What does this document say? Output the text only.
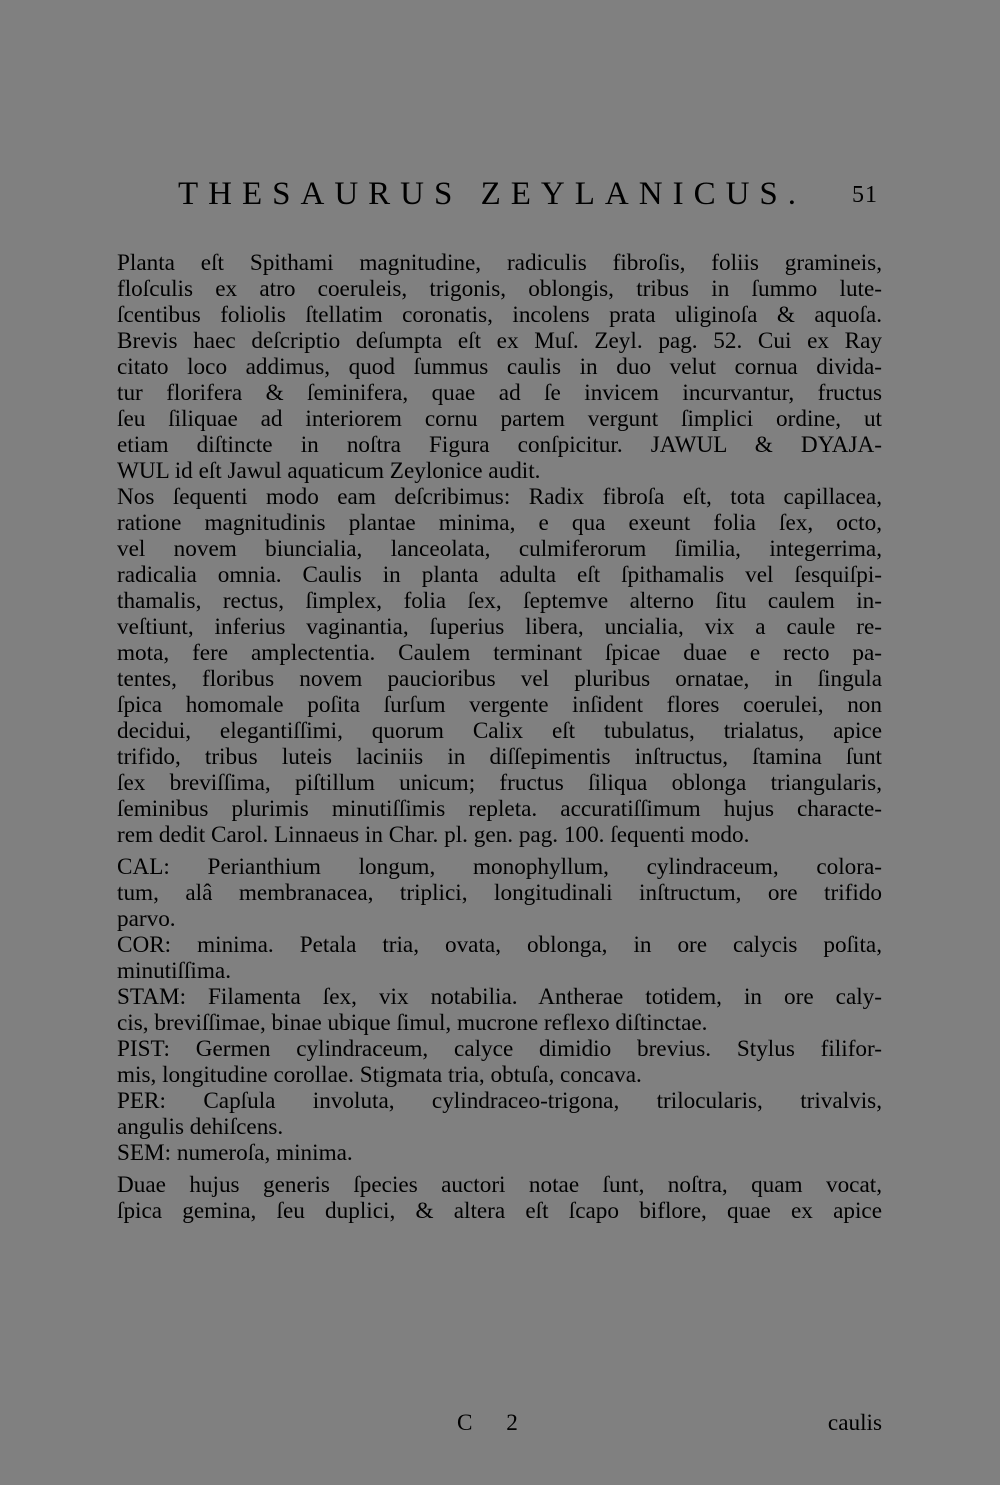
THESAURUS ZEYLANICUS. 51
Planta eſt Spithami magnitudine, radiculis fibroſis, foliis gramineis,
floſculis ex atro coeruleis, trigonis, oblongis, tribus in ſummo lute-
ſcentibus foliolis ſtellatim coronatis, incolens prata uliginoſa & aquoſa.
Brevis haec deſcriptio deſumpta eſt ex Muſ. Zeyl. pag. 52. Cui ex Ray
citato loco addimus, quod ſummus caulis in duo velut cornua divida-
tur florifera & ſeminifera, quae ad ſe invicem incurvantur, fructus
ſeu ſiliquae ad interiorem cornu partem vergunt ſimplici ordine, ut
etiam diſtincte in noſtra Figura conſpicitur. JAWUL & DYAJA-
WUL id eſt Jawul aquaticum Zeylonice audit.
Nos ſequenti modo eam deſcribimus: Radix fibroſa eſt, tota capillacea,
ratione magnitudinis plantae minima, e qua exeunt folia ſex, octo,
vel novem biuncialia, lanceolata, culmiferorum ſimilia, integerrima,
radicalia omnia. Caulis in planta adulta eſt ſpithamalis vel ſesquiſpi-
thamalis, rectus, ſimplex, folia ſex, ſeptemve alterno ſitu caulem in-
veſtiunt, inferius vaginantia, ſuperius libera, uncialia, vix a caule re-
mota, fere amplectentia. Caulem terminant ſpicae duae e recto pa-
tentes, floribus novem paucioribus vel pluribus ornatae, in ſingula
ſpica homomale poſita ſurſum vergente inſident flores coerulei, non
decidui, elegantiſſimi, quorum Calix eſt tubulatus, trialatus, apice
trifido, tribus luteis laciniis in diſſepimentis inſtructus, ſtamina ſunt
ſex breviſſima, piſtillum unicum; fructus ſiliqua oblonga triangularis,
ſeminibus plurimis minutiſſimis repleta. accuratiſſimum hujus characte-
rem dedit Carol. Linnaeus in Char. pl. gen. pag. 100. ſequenti modo.
CAL: Perianthium longum, monophyllum, cylindraceum, colora-
tum, alâ membranacea, triplici, longitudinali inſtructum, ore trifido
parvo.
COR: minima. Petala tria, ovata, oblonga, in ore calycis poſita,
minutiſſima.
STAM: Filamenta ſex, vix notabilia. Antherae totidem, in ore caly-
cis, breviſſimae, binae ubique ſimul, mucrone reflexo diſtinctae.
PIST: Germen cylindraceum, calyce dimidio brevius. Stylus filifor-
mis, longitudine corollae. Stigmata tria, obtuſa, concava.
PER: Capſula involuta, cylindraceo-trigona, trilocularis, trivalvis,
angulis dehiſcens.
SEM: numeroſa, minima.
Duae hujus generis ſpecies auctori notae ſunt, noſtra, quam vocat,
ſpica gemina, ſeu duplici, & altera eſt ſcapo biflore, quae ex apice
C 2	caulis
